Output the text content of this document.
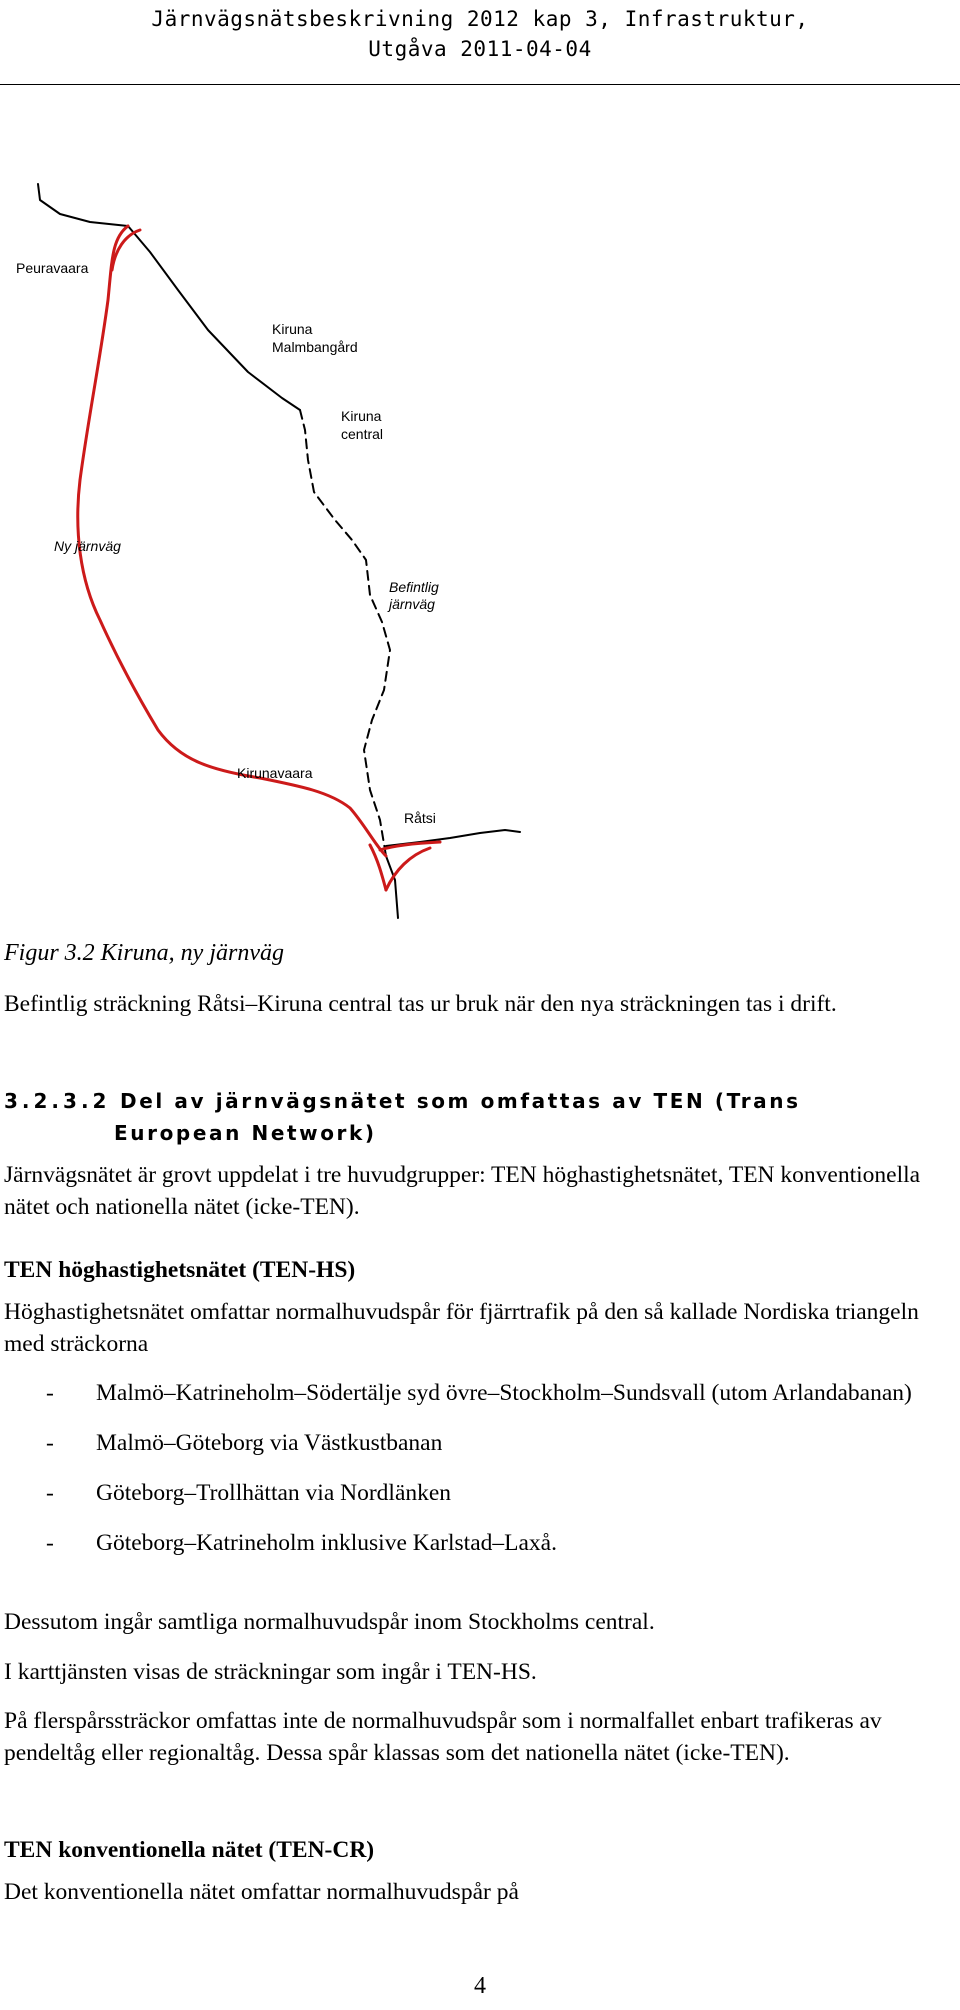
Järnvägsnätsbeskrivning 2012 kap 3, Infrastruktur,
Utgåva 2011-04-04
Peuravaara
Kiruna
Malmbangård
Kiruna
central
Ny järnväg
Befintlig
järnväg
Kirunavaara
Råtsi
Figur 3.2 Kiruna, ny järnväg

Befintlig sträckning Råtsi–Kiruna central tas ur bruk när den nya sträckningen tas i drift.

3.2.3.2 Del av järnvägsnätet som omfattas av TEN (Trans
European Network)

Järnvägsnätet är grovt uppdelat i tre huvudgrupper: TEN höghastighetsnätet, TEN konventionella nätet och nationella nätet (icke-TEN).

TEN höghastighetsnätet (TEN-HS)

Höghastighetsnätet omfattar normalhuvudspår för fjärrtrafik på den så kallade Nordiska triangeln med sträckorna

- Malmö–Katrineholm–Södertälje syd övre–Stockholm–Sundsvall (utom Arlandabanan)
- Malmö–Göteborg via Västkustbanan
- Göteborg–Trollhättan via Nordlänken
- Göteborg–Katrineholm inklusive Karlstad–Laxå.

Dessutom ingår samtliga normalhuvudspår inom Stockholms central.

I karttjänsten visas de sträckningar som ingår i TEN-HS.

På flerspårssträckor omfattas inte de normalhuvudspår som i normalfallet enbart trafikeras av pendeltåg eller regionaltåg. Dessa spår klassas som det nationella nätet (icke-TEN).

TEN konventionella nätet (TEN-CR)

Det konventionella nätet omfattar normalhuvudspår på

4
